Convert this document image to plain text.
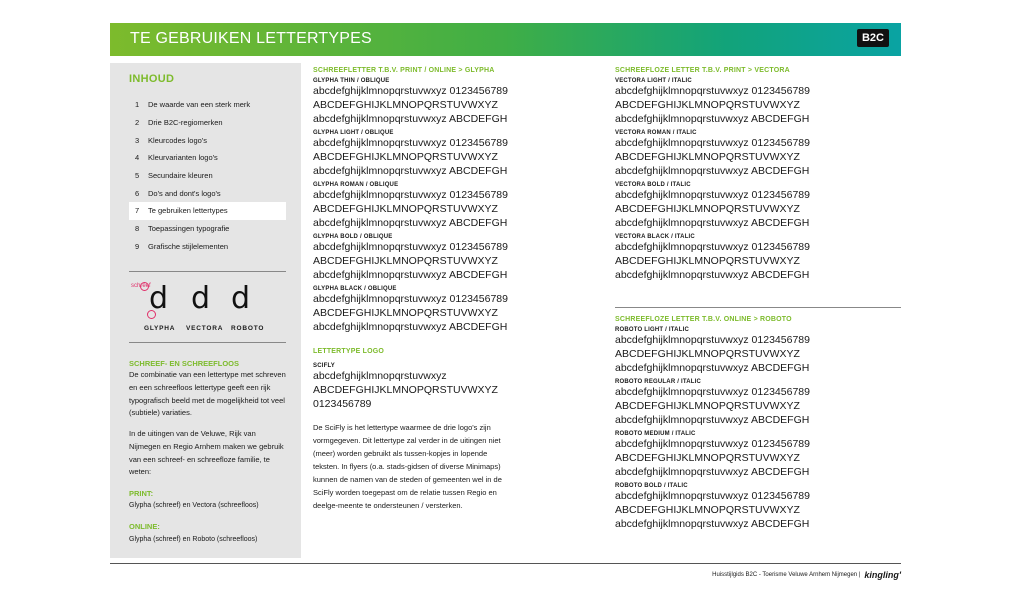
TE GEBRUIKEN LETTERTYPES	B2C
INHOUD
1	De waarde van een sterk merk
2	Drie B2C-regiomerken
3	Kleurcodes logo's
4	Kleurvarianten logo's
5	Secundaire kleuren
6	Do's and dont's logo's
7	Te gebruiken lettertypes
8	Toepassingen typografie
9	Grafische stijlelementen
schreef
d d d
GLYPHA VECTORA ROBOTO
SCHREEF- EN SCHREEFLOOS
De combinatie van een lettertype met schreven en een schreefloos lettertype geeft een rijk typografisch beeld met de mogelijkheid tot veel (subtiele) variaties.
In de uitingen van de Veluwe, Rijk van Nijmegen en Regio Arnhem maken we gebruik van een schreef- en schreefloze familie, te weten:
PRINT:
Glypha (schreef) en Vectora (schreefloos)
ONLINE:
Glypha (schreef) en Roboto (schreefloos)
SCHREEFLETTER T.B.V. PRINT / ONLINE > GLYPHA
GLYPHA THIN / OBLIQUE
abcdefghijklmnopqrstuvwxyz 0123456789
ABCDEFGHIJKLMNOPQRSTUVWXYZ
abcdefghijklmnopqrstuvwxyz ABCDEFGH
GLYPHA LIGHT / OBLIQUE
abcdefghijklmnopqrstuvwxyz 0123456789
ABCDEFGHIJKLMNOPQRSTUVWXYZ
abcdefghijklmnopqrstuvwxyz ABCDEFGH
GLYPHA ROMAN / OBLIQUE
abcdefghijklmnopqrstuvwxyz 0123456789
ABCDEFGHIJKLMNOPQRSTUVWXYZ
abcdefghijklmnopqrstuvwxyz ABCDEFGH
GLYPHA BOLD / OBLIQUE
abcdefghijklmnopqrstuvwxyz 0123456789
ABCDEFGHIJKLMNOPQRSTUVWXYZ
abcdefghijklmnopqrstuvwxyz ABCDEFGH
GLYPHA BLACK / OBLIQUE
abcdefghijklmnopqrstuvwxyz 0123456789
ABCDEFGHIJKLMNOPQRSTUVWXYZ
abcdefghijklmnopqrstuvwxyz ABCDEFGH
LETTERTYPE LOGO
SCIFLY
abcdefghijklmnopqrstuvwxyz
ABCDEFGHIJKLMNOPQRSTUVWXYZ
0123456789
De SciFly is het lettertype waarmee de drie logo's zijn vormgegeven. Dit lettertype zal verder in de uitingen niet (meer) worden gebruikt als tussen-kopjes in lopende teksten. In flyers (o.a. stads-gidsen of diverse Minimaps) kunnen de namen van de steden of gemeenten wel in de SciFly worden toegepast om de relatie tussen Regio en deelge-meente te ondersteunen / versterken.
SCHREEFLOZE LETTER T.B.V. PRINT > VECTORA
VECTORA LIGHT / ITALIC
abcdefghijklmnopqrstuvwxyz 0123456789
ABCDEFGHIJKLMNOPQRSTUVWXYZ
abcdefghijklmnopqrstuvwxyz ABCDEFGH
VECTORA ROMAN / ITALIC
abcdefghijklmnopqrstuvwxyz 0123456789
ABCDEFGHIJKLMNOPQRSTUVWXYZ
abcdefghijklmnopqrstuvwxyz ABCDEFGH
VECTORA BOLD / ITALIC
abcdefghijklmnopqrstuvwxyz 0123456789
ABCDEFGHIJKLMNOPQRSTUVWXYZ
abcdefghijklmnopqrstuvwxyz ABCDEFGH
VECTORA BLACK / ITALIC
abcdefghijklmnopqrstuvwxyz 0123456789
ABCDEFGHIJKLMNOPQRSTUVWXYZ
abcdefghijklmnopqrstuvwxyz ABCDEFGH
SCHREEFLOZE LETTER T.B.V. ONLINE > ROBOTO
ROBOTO LIGHT / ITALIC
abcdefghijklmnopqrstuvwxyz 0123456789
ABCDEFGHIJKLMNOPQRSTUVWXYZ
abcdefghijklmnopqrstuvwxyz ABCDEFGH
ROBOTO REGULAR / ITALIC
abcdefghijklmnopqrstuvwxyz 0123456789
ABCDEFGHIJKLMNOPQRSTUVWXYZ
abcdefghijklmnopqrstuvwxyz ABCDEFGH
ROBOTO MEDIUM / ITALIC
abcdefghijklmnopqrstuvwxyz 0123456789
ABCDEFGHIJKLMNOPQRSTUVWXYZ
abcdefghijklmnopqrstuvwxyz ABCDEFGH
ROBOTO BOLD / ITALIC
abcdefghijklmnopqrstuvwxyz 0123456789
ABCDEFGHIJKLMNOPQRSTUVWXYZ
abcdefghijklmnopqrstuvwxyz ABCDEFGH
Huisstijlgids B2C - Toerisme Veluwe Arnhem Nijmegen | kingling'
